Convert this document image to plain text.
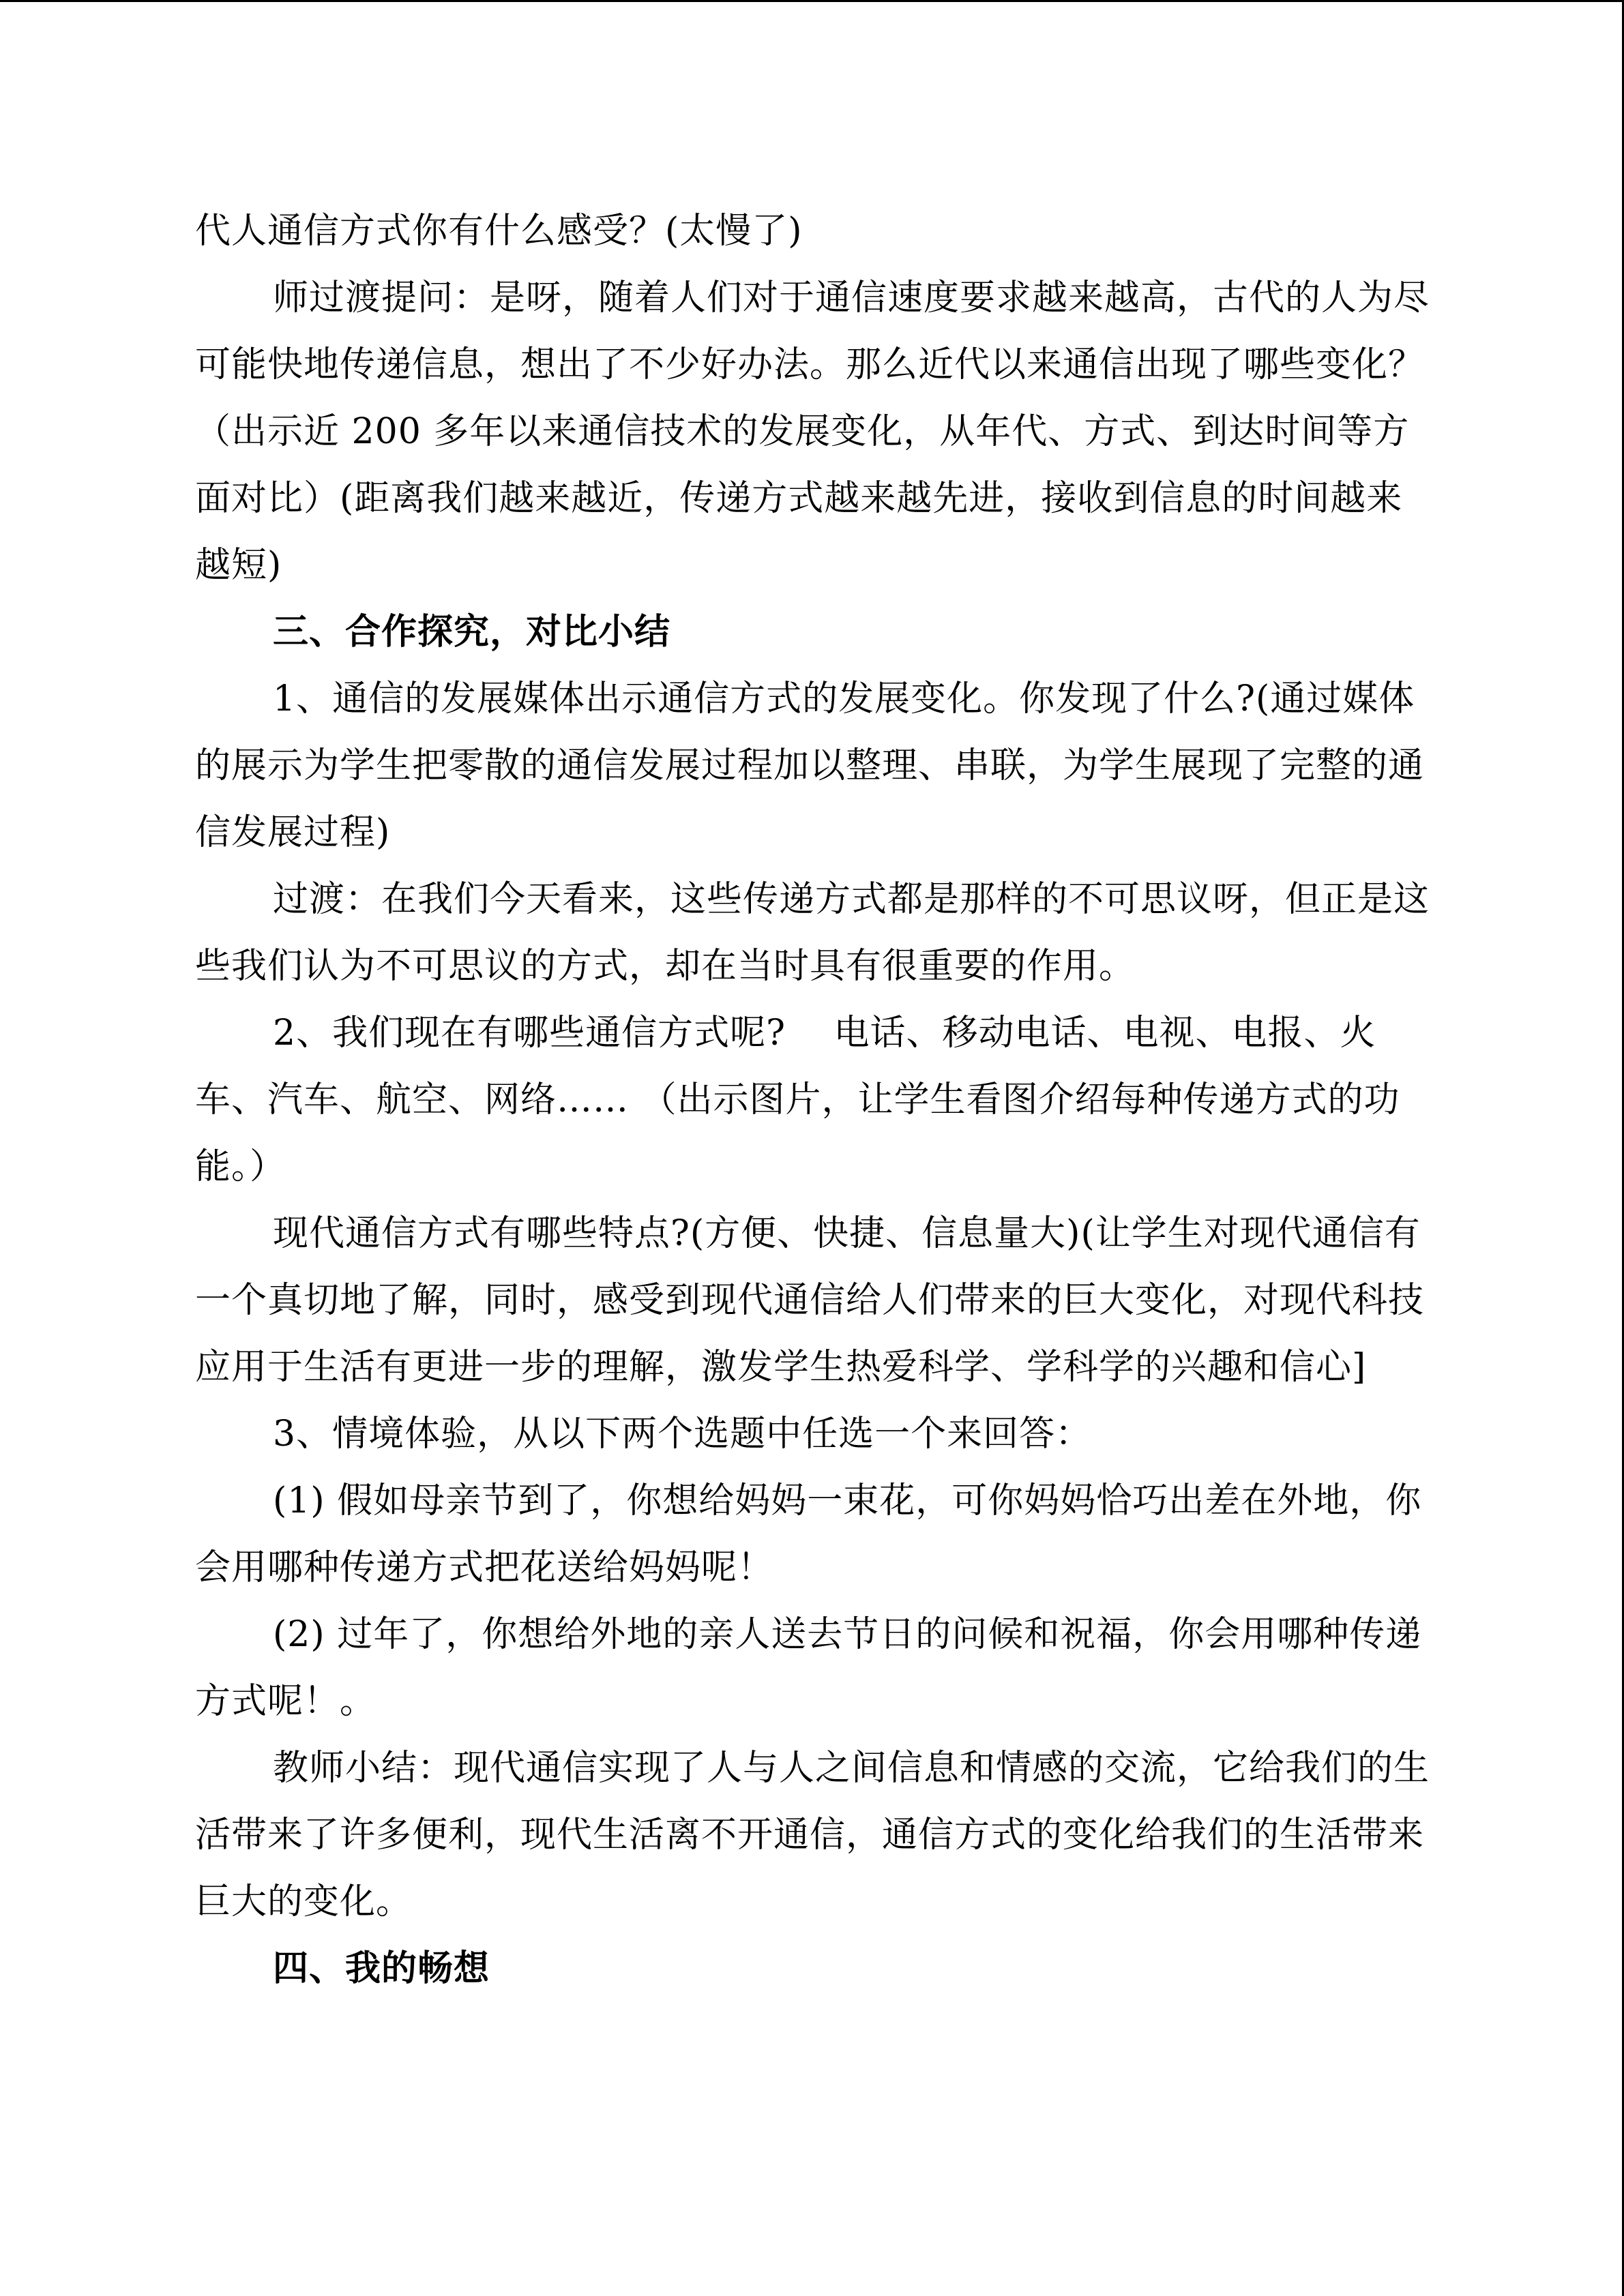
代人通信方式你有什么感受？(太慢了)

师过渡提问：是呀，随着人们对于通信速度要求越来越高，古代的人为尽可能快地传递信息，想出了不少好办法。那么近代以来通信出现了哪些变化？（出示近 200 多年以来通信技术的发展变化，从年代、方式、到达时间等方面对比）(距离我们越来越近，传递方式越来越先进，接收到信息的时间越来越短)

三、合作探究，对比小结

1、通信的发展媒体出示通信方式的发展变化。你发现了什么?(通过媒体的展示为学生把零散的通信发展过程加以整理、串联，为学生展现了完整的通信发展过程)

过渡：在我们今天看来，这些传递方式都是那样的不可思议呀，但正是这些我们认为不可思议的方式，却在当时具有很重要的作用。

2、我们现在有哪些通信方式呢?　 电话、移动电话、电视、电报、火车、汽车、航空、网络…… （出示图片，让学生看图介绍每种传递方式的功能。）

现代通信方式有哪些特点?(方便、快捷、信息量大)(让学生对现代通信有一个真切地了解，同时，感受到现代通信给人们带来的巨大变化，对现代科技应用于生活有更进一步的理解，激发学生热爱科学、学科学的兴趣和信心]

3、情境体验，从以下两个选题中任选一个来回答：

(1) 假如母亲节到了，你想给妈妈一束花，可你妈妈恰巧出差在外地，你会用哪种传递方式把花送给妈妈呢！

(2) 过年了，你想给外地的亲人送去节日的问候和祝福，你会用哪种传递方式呢！。

教师小结：现代通信实现了人与人之间信息和情感的交流，它给我们的生活带来了许多便利，现代生活离不开通信，通信方式的变化给我们的生活带来巨大的变化。

四、我的畅想
